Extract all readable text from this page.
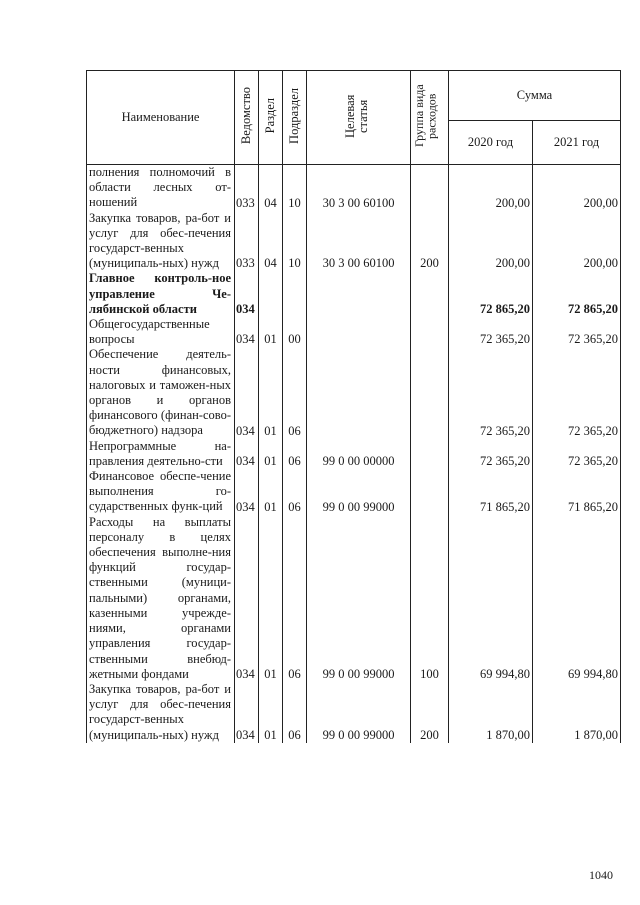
Наименование	Ведомство	Раздел	Подраздел	Целевая статья	Группа вида расходов	Сумма	
						2020 год	2021 год
полнения полномочий в области лесных от-ношений	033	04	10	30 3 00 60100		200,00	200,00
Закупка товаров, ра-бот и услуг для обес-печения государст-венных (муниципаль-ных) нужд	033	04	10	30 3 00 60100	200	200,00	200,00
Главное контроль-ное управление Че-лябинской области	034					72 865,20	72 865,20
Общегосударственные вопросы	034	01	00			72 365,20	72 365,20
Обеспечение деятель-ности финансовых, налоговых и таможен-ных органов и органов финансового (финан-сово-бюджетного) надзора	034	01	06			72 365,20	72 365,20
Непрограммные на-правления деятельно-сти	034	01	06	99 0 00 00000		72 365,20	72 365,20
Финансовое обеспе-чение выполнения го-сударственных функ-ций	034	01	06	99 0 00 99000		71 865,20	71 865,20
Расходы на выплаты персоналу в целях обеспечения выполне-ния функций государ-ственными (муници-пальными) органами, казенными учрежде-ниями, органами управления государ-ственными внебюд-жетными фондами	034	01	06	99 0 00 99000	100	69 994,80	69 994,80
Закупка товаров, ра-бот и услуг для обес-печения государст-венных (муниципаль-ных) нужд	034	01	06	99 0 00 99000	200	1 870,00	1 870,00
1040
